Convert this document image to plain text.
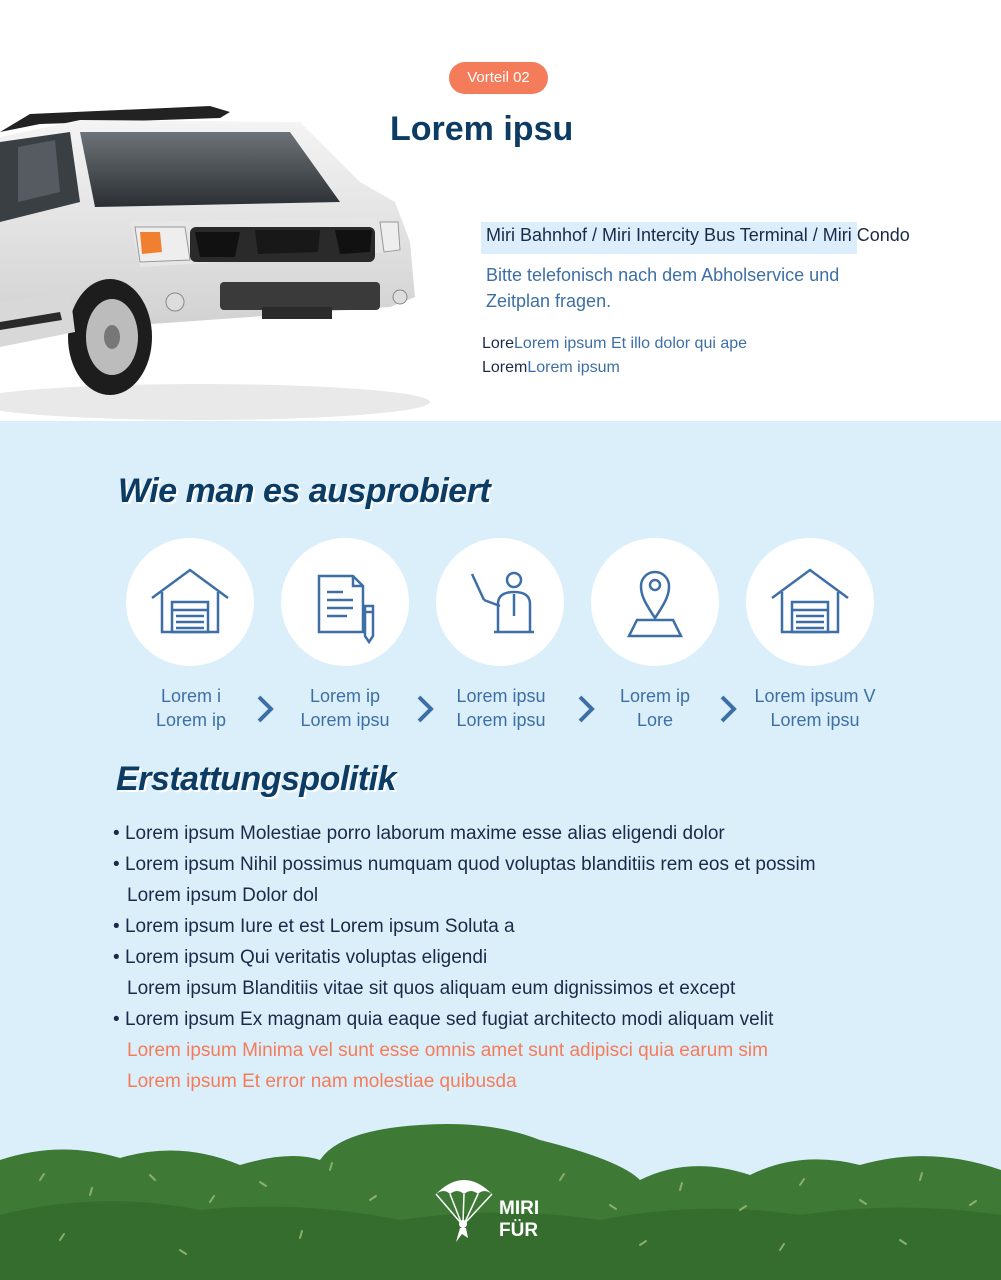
Vorteil 02
Lorem ipsu
Miri Bahnhof / Miri Intercity Bus Terminal / Miri Condo
Bitte telefonisch nach dem Abholservice und Zeitplan fragen.
LoreLorem ipsum Et illo dolor qui ape
LoremLorem ipsum
Wie man es ausprobiert
Lorem i
Lorem ip
Lorem ip
Lorem ipsu
Lorem ipsu
Lorem ipsu
Lorem ip
Lore
Lorem ipsum V
Lorem ipsu
Erstattungspolitik
• Lorem ipsum Molestiae porro laborum maxime esse alias eligendi dolor
• Lorem ipsum Nihil possimus numquam quod voluptas blanditiis rem eos et possim
Lorem ipsum Dolor dol
• Lorem ipsum Iure et est Lorem ipsum Soluta a
• Lorem ipsum Qui veritatis voluptas eligendi
Lorem ipsum Blanditiis vitae sit quos aliquam eum dignissimos et except
• Lorem ipsum Ex magnam quia eaque sed fugiat architecto modi aliquam velit
Lorem ipsum Minima vel sunt esse omnis amet sunt adipisci quia earum sim
Lorem ipsum Et error nam molestiae quibusda
MIRI
FÜR
